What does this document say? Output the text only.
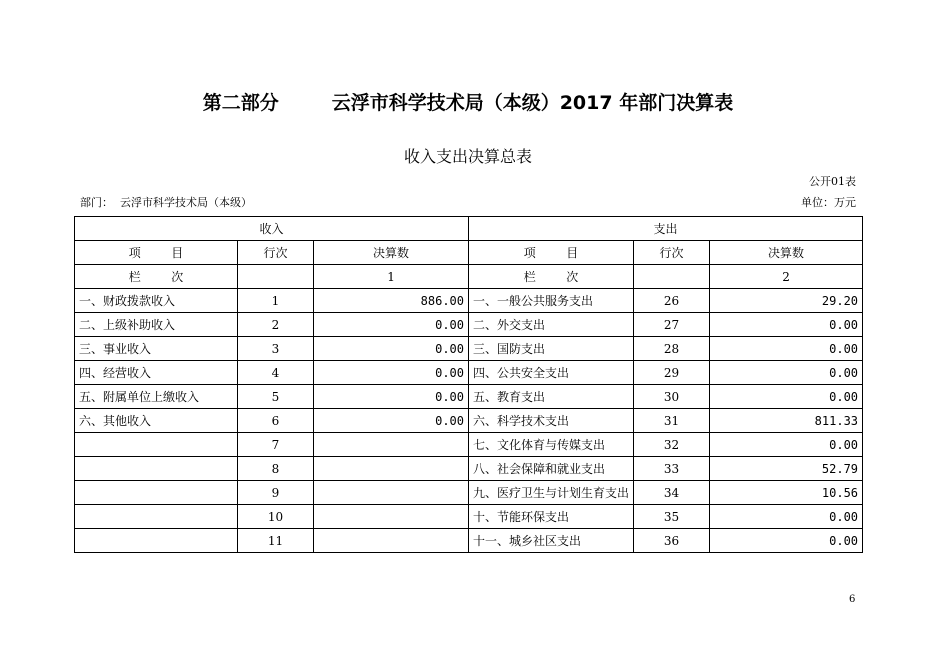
第二部分        云浮市科学技术局（本级）2017 年部门决算表
收入支出决算总表
公开01表
部门：  云浮市科学技术局（本级）	单位：万元
收入			支出		
项        目	行次	决算数	项        目	行次	决算数
栏        次		1	栏        次		2
一、财政拨款收入	1	886.00	一、一般公共服务支出	26	29.20
二、上级补助收入	2	0.00	二、外交支出	27	0.00
三、事业收入	3	0.00	三、国防支出	28	0.00
四、经营收入	4	0.00	四、公共安全支出	29	0.00
五、附属单位上缴收入	5	0.00	五、教育支出	30	0.00
六、其他收入	6	0.00	六、科学技术支出	31	811.33
	7		七、文化体育与传媒支出	32	0.00
	8		八、社会保障和就业支出	33	52.79
	9		九、医疗卫生与计划生育支出	34	10.56
	10		十、节能环保支出	35	0.00
	11		十一、城乡社区支出	36	0.00
6
